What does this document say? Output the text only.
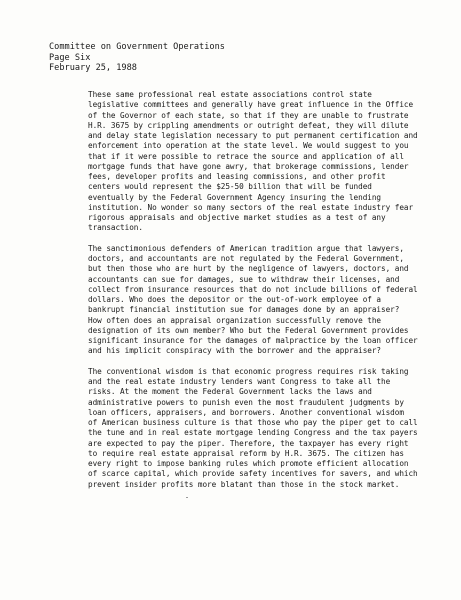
Committee on Government Operations
Page Six
February 25, 1988
These same professional real estate associations control state
legislative committees and generally have great influence in the Office
of the Governor of each state, so that if they are unable to frustrate
H.R. 3675 by crippling amendments or outright defeat, they will dilute
and delay state legislation necessary to put permanent certification and
enforcement into operation at the state level. We would suggest to you
that if it were possible to retrace the source and application of all
mortgage funds that have gone awry, that brokerage commissions, lender
fees, developer profits and leasing commissions, and other profit
centers would represent the $25-50 billion that will be funded
eventually by the Federal Government Agency insuring the lending
institution. No wonder so many sectors of the real estate industry fear
rigorous appraisals and objective market studies as a test of any
transaction.
The sanctimonious defenders of American tradition argue that lawyers,
doctors, and accountants are not regulated by the Federal Government,
but then those who are hurt by the negligence of lawyers, doctors, and
accountants can sue for damages, sue to withdraw their licenses, and
collect from insurance resources that do not include billions of federal
dollars. Who does the depositor or the out-of-work employee of a
bankrupt financial institution sue for damages done by an appraiser?
How often does an appraisal organization successfully remove the
designation of its own member? Who but the Federal Government provides
significant insurance for the damages of malpractice by the loan officer
and his implicit conspiracy with the borrower and the appraiser?
The conventional wisdom is that economic progress requires risk taking
and the real estate industry lenders want Congress to take all the
risks. At the moment the Federal Government lacks the laws and
administrative powers to punish even the most fraudulent judgments by
loan officers, appraisers, and borrowers. Another conventional wisdom
of American business culture is that those who pay the piper get to call
the tune and in real estate mortgage lending Congress and the tax payers
are expected to pay the piper. Therefore, the taxpayer has every right
to require real estate appraisal reform by H.R. 3675. The citizen has
every right to impose banking rules which promote efficient allocation
of scarce capital, which provide safety incentives for savers, and which
prevent insider profits more blatant than those in the stock market.
